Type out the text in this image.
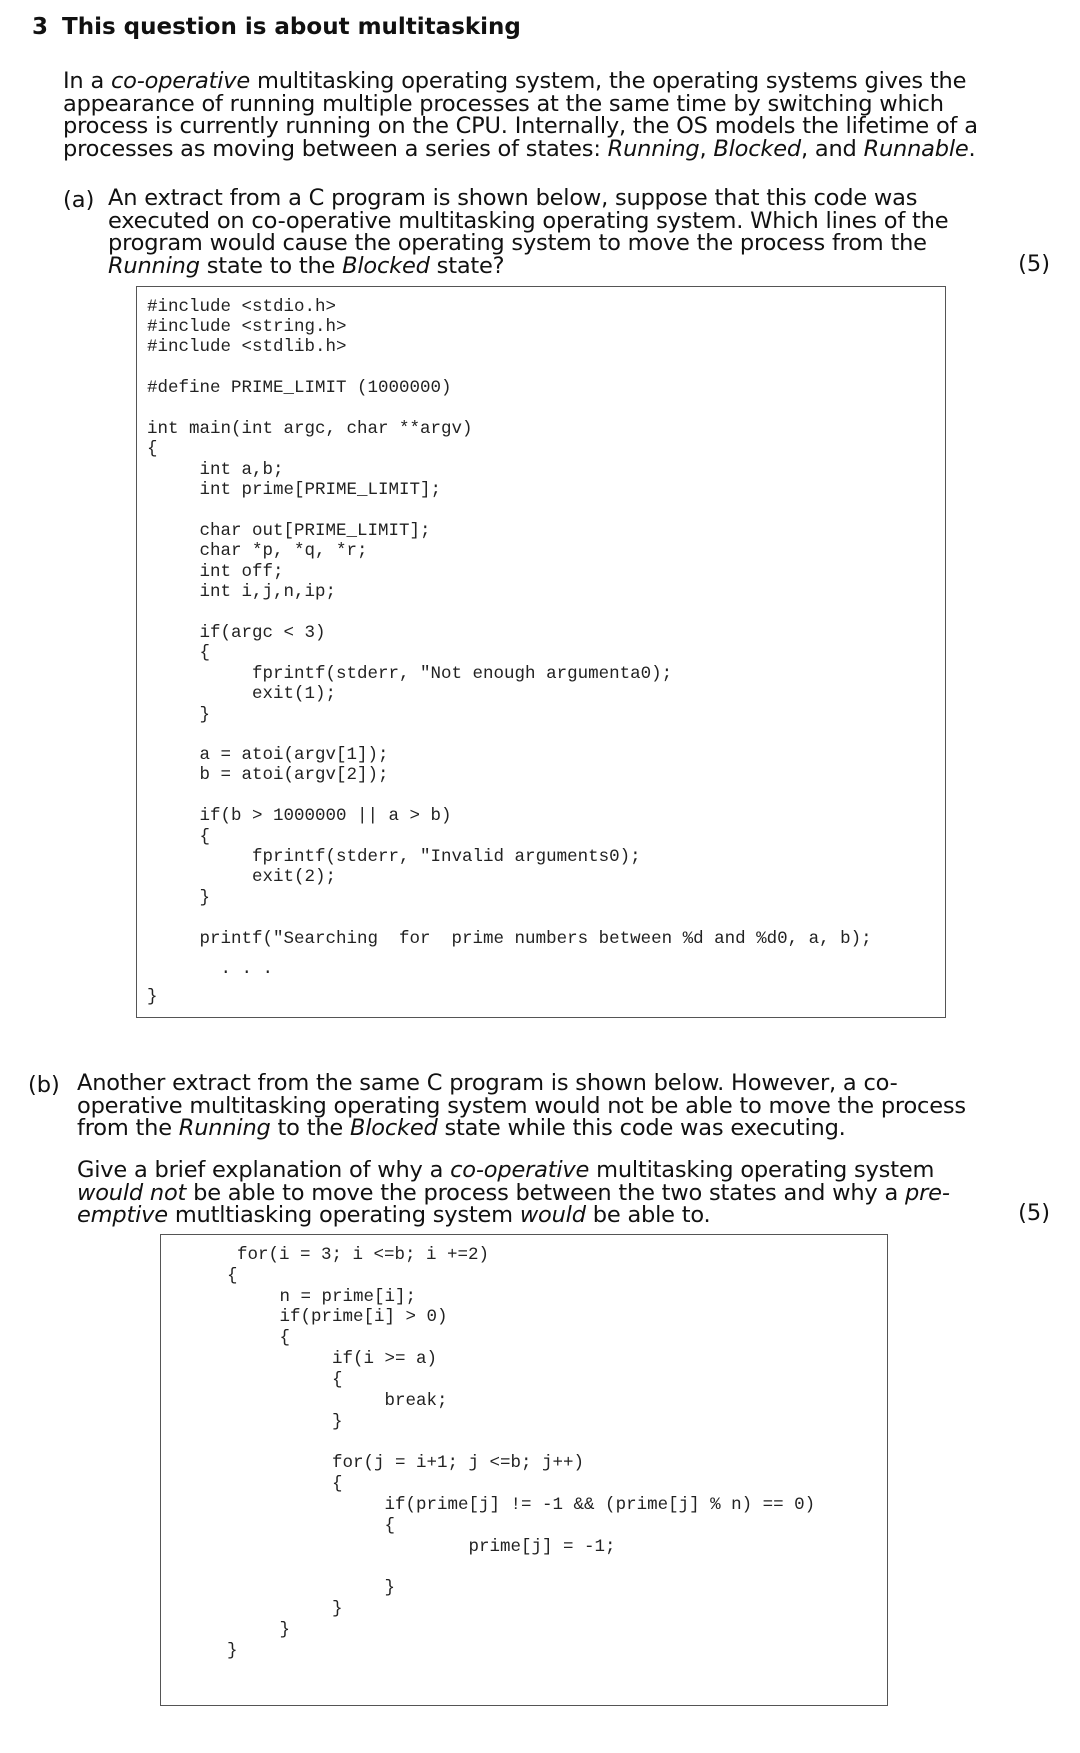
3 This question is about multitasking

In a co-operative multitasking operating system, the operating systems gives the appearance of running multiple processes at the same time by switching which process is currently running on the CPU. Internally, the OS models the lifetime of a processes as moving between a series of states: Running, Blocked, and Runnable.

(a) An extract from a C program is shown below, suppose that this code was executed on co-operative multitasking operating system. Which lines of the program would cause the operating system to move the process from the Running state to the Blocked state?	(5)
#include <stdio.h>
#include <string.h>
#include <stdlib.h>
#define PRIME_LIMIT (1000000)
int main(int argc, char **argv)
{
int a,b;
int prime[PRIME_LIMIT];
char out[PRIME_LIMIT];
char *p, *q, *r;
int off;
int i,j,n,ip;
if(argc < 3)
{
fprintf(stderr, "Not enough argumenta0);
exit(1);
}
a = atoi(argv[1]);
b = atoi(argv[2]);
if(b > 1000000 || a > b)
{
fprintf(stderr, "Invalid arguments0);
exit(2);
}
printf("Searching  for  prime numbers between %d and %d0, a, b);
. . .
}
(b) Another extract from the same C program is shown below. However, a co-operative multitasking operating system would not be able to move the process from the Running to the Blocked state while this code was executing.

Give a brief explanation of why a co-operative multitasking operating system would not be able to move the process between the two states and why a pre-emptive mutltiasking operating system would be able to.	(5)
for(i = 3; i <=b; i +=2)
{
n = prime[i];
if(prime[i] > 0)
{
if(i >= a)
{
break;
}
for(j = i+1; j <=b; j++)
{
if(prime[j] != -1 && (prime[j] % n) == 0)
{
prime[j] = -1;
}
}
}
}
